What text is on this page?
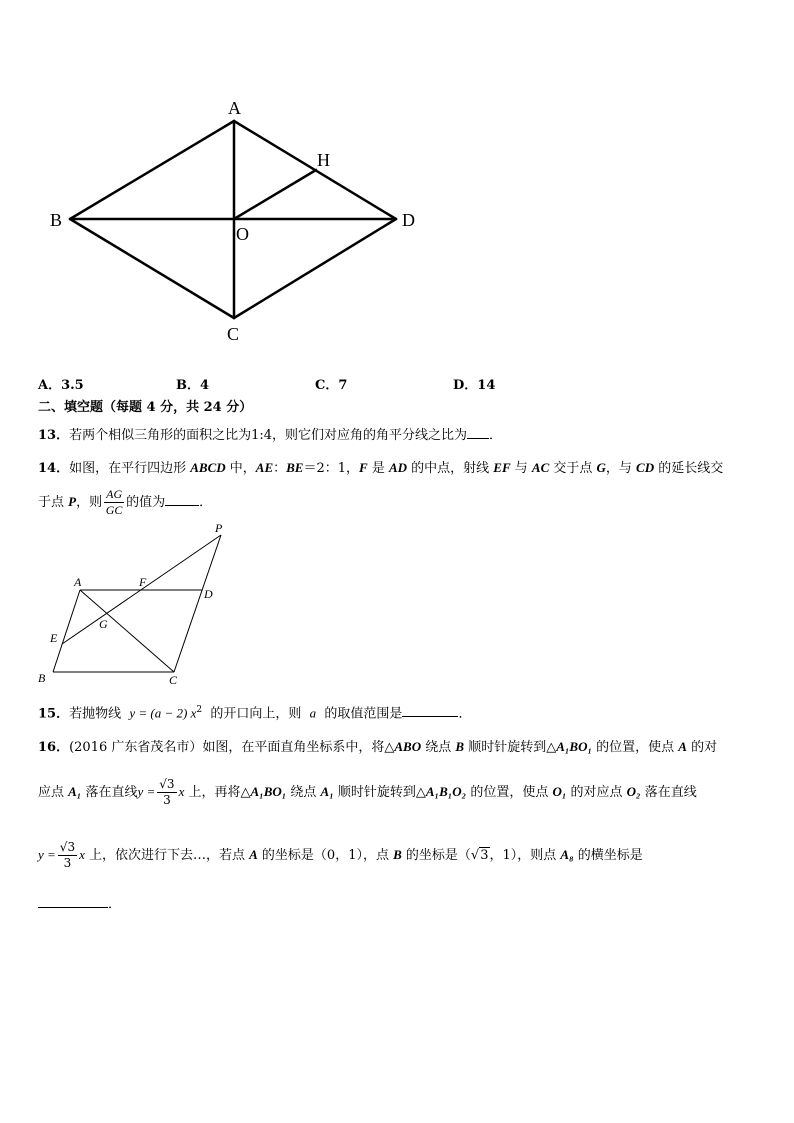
A
B
C
D
O
H
A．3.5	B．4	C．7	D．14
二、填空题（每题 4 分，共 24 分）
13．若两个相似三角形的面积之比为1:4，则它们对应角的角平分线之比为 ．
14．如图，在平行四边形 ABCD 中，AE：BE＝2：1，F 是 AD 的中点，射线 EF 与 AC 交于点 G，与 CD 的延长线交
于点 P，则 $\frac{AG}{GC}$ 的值为	．
P
A	F
D
E
G
B	C
15．若抛物线 y = (a − 2) $x^2$ 的开口向上，则 a 的取值范围是	．
16．(2016 广东省茂名市）如图，在平面直角坐标系中，将△ABO 绕点 B 顺时针旋转到△A₁BO₁ 的位置，使点 A 的对
应点 A₁ 落在直线$y = \frac{√3}{3}$ x 上，再将△A₁BO₁ 绕点 A₁ 顺时针旋转到△A₁B₁O₂ 的位置，使点 O₁ 的对应点 O₂ 落在直线
$y = \frac{√3}{3}$ x 上，依次进行下去…，若点 A 的坐标是（0，1），点 B 的坐标是（√3，1），则点 A₈ 的横坐标是
．
